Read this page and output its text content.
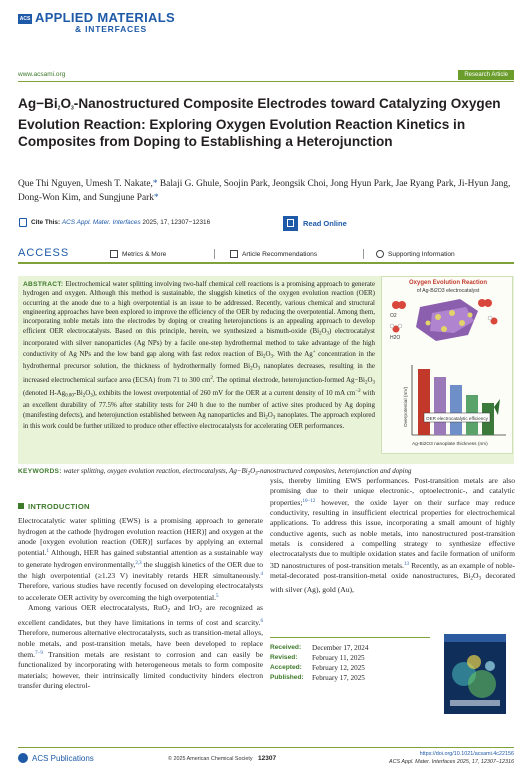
ACS APPLIED MATERIALS
& INTERFACES
www.acsami.org	Research Article
$Ag-Bi_2O_3$-Nanostructured Composite Electrodes toward Catalyzing Oxygen Evolution Reaction: Exploring Oxygen Evolution Reaction Kinetics in Composites from Doping to Establishing a Heterojunction
Que Thi Nguyen, Umesh T. Nakate,* Balaji G. Ghule, Soojin Park, Jeongsik Choi, Jong Hyun Park, Jae Ryang Park, Ji-Hyun Jang, Dong-Won Kim, and Sungjune Park*
Cite This: ACS Appl. Mater. Interfaces 2025, 17, 12307−12316	Read Online
ACCESS	Metrics & More	Article Recommendations	Supporting Information
Oxygen Evolution Reaction
of Ag-Bi2O3 electrocatalyst
O2
H2O
OER electrocatalytic efficiency
Overpotential (mV)
Ag-Bi2O3 nanoplate thickness (nm)
ABSTRACT: Electrochemical water splitting involving two-half chemical cell reactions is a promising approach to generate hydrogen and oxygen. Although this method is sustainable, the sluggish kinetics of the oxygen evolution reaction (OER) occurring at the anode due to a high overpotential is an issue to be addressed. Recently, various chemical and structural engineering approaches have been explored to improve the efficiency of the OER by reducing the overpotential. Among them, incorporating noble metals into the electrodes by doping or creating heterojunctions is an appealing approach to develop efficient OER electrocatalysts. Based on this principle, herein, we synthesized a bismuth-oxide $(Bi_2O_3)$ electrocatalyst incorporated with silver nanoparticles (Ag NPs) by a facile one-step hydrothermal method to take advantage of the high conductivity of Ag NPs and the low band gap along with fast redox reaction of $Bi_2O_3$. With the Ag+ concentration in the hydrothermal precursor solution, the thickness of hydrothermally formed $Bi_2O_3$ nanoplates decreases, resulting in the increased electrochemical surface area (ECSA) from 71 to 300 $cm^2$. The optimal electrode, heterojunction-formed $Ag-Bi_2O_3$ (denoted $H-Ag_{0.80}-Bi_2O_3$), exhibits the lowest overpotential of 260 mV for the OER at a current density of 10 mA $cm^{-2}$ with an excellent durability of 77.5% after stability tests for 240 h due to the number of active sites produced by Ag doping (manifesting defects), and heterojunction established between Ag nanoparticles and $Bi_2O_3$ nanoplates. The approach explored in this work could be further utilized to produce other effective electrocatalysts for accelerating OER performances.
KEYWORDS: water splitting, oxygen evolution reaction, electrocatalysts, $Ag-Bi_2O_3$-nanostructured composites, heterojunction and doping
INTRODUCTION

Electrocatalytic water splitting (EWS) is a promising approach to generate hydrogen at the cathode [hydrogen evolution reaction (HER)] and oxygen at the anode [oxygen evolution reaction (OER)] surfaces by applying an external potential.$^1$ Although, HER has gained substantial attention as a sustainable way to generate hydrogen environmentally,$^{2,3}$ the sluggish kinetics of the OER due to the high overpotential (≥1.23 V) inevitably retards HER simultaneously.$^4$ Therefore, various studies have recently focused on developing electrocatalysts to accelerate OER activity by overcoming the high overpotential.$^5$

Among various OER electrocatalysts, RuO$_2$ and IrO$_2$ are recognized as excellent candidates, but they have limitations in terms of cost and scarcity.$^6$ Therefore, numerous alternative electrocatalysts, such as transition-metal alloys, noble metals, and post-transition metals, have been developed to replace them.$^{7-9}$ Transition metals are resistant to corrosion and can easily be functionalized by incorporating with heterogeneous metals to form composite materials; however, their intrinsically limited conductivity hinders electron transfer during electrol-

ysis, thereby limiting EWS performances. Post-transition metals are also promising due to their unique electronic-, optoelectronic-, and catalytic properties;$^{10-12}$ however, the oxide layer on their surface may reduce conductivity, resulting in insufficient electrical properties for electrochemical applications. To address this issue, incorporating a small amount of highly conductive agents, such as noble metals, into nanostructured post-transition metals is considered a compelling strategy to synthesize effective electrocatalysts due to multiple oxidation states and facile formation of uniform 3D nanostructures of post-transition metals.$^{13}$ Recently, as an example of noble-metal-decorated post-transition-metal oxide nanostructures, $Bi_2O_3$ decorated with silver (Ag), gold (Au),

Received:	December 17, 2024
Revised:	February 11, 2025
Accepted:	February 12, 2025
Published:	February 17, 2025
ACS Publications	© 2025 American Chemical Society 12307
https://doi.org/10.1021/acsami.4c22156
ACS Appl. Mater. Interfaces 2025, 17, 12307−12316
